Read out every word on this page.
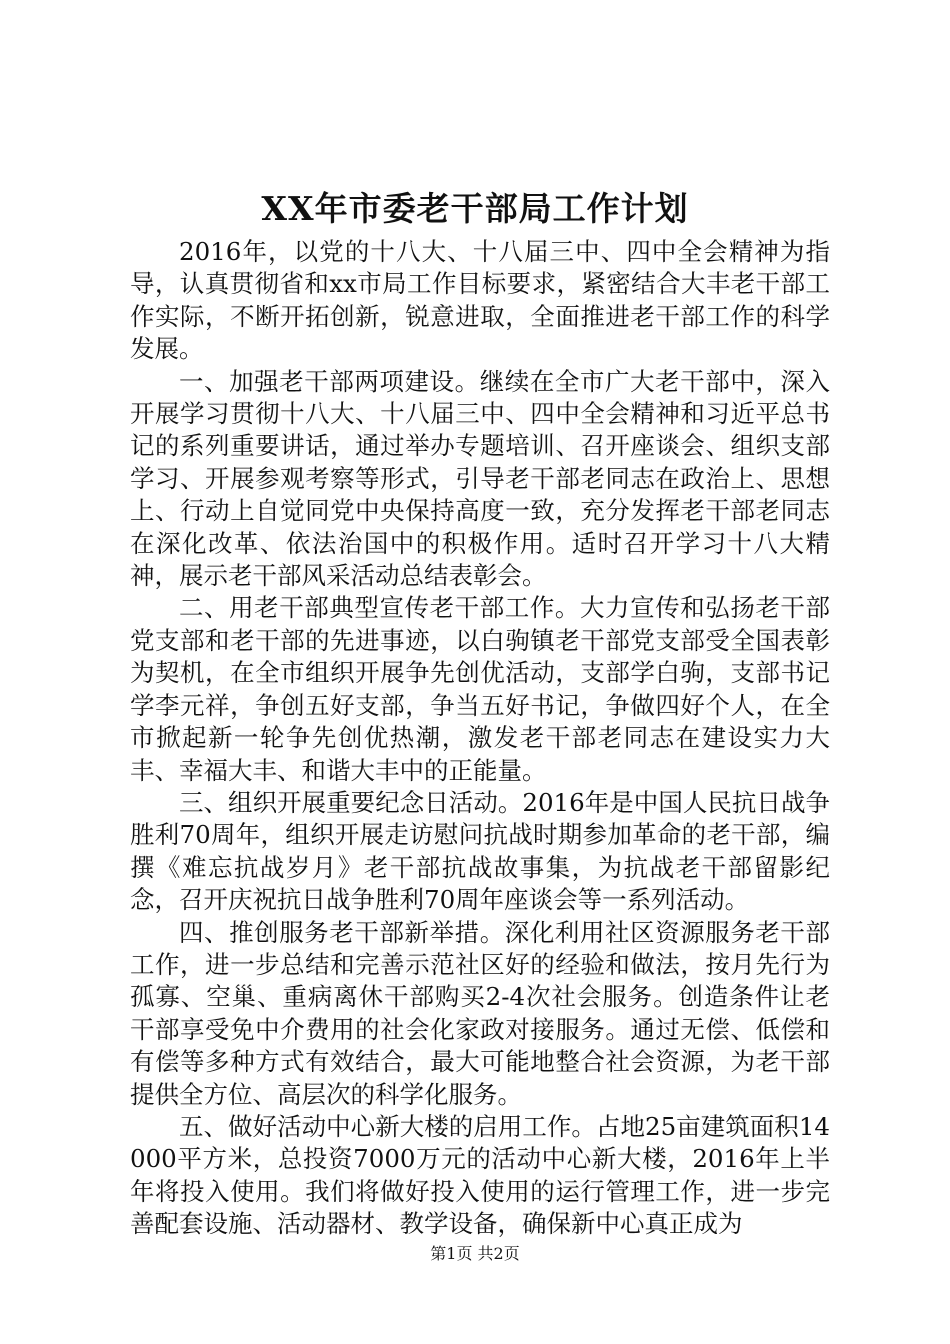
XX年市委老干部局工作计划

2016年，以党的十八大、十八届三中、四中全会精神为指导，认真贯彻省和xx市局工作目标要求，紧密结合大丰老干部工作实际，不断开拓创新，锐意进取，全面推进老干部工作的科学发展。

一、加强老干部两项建设。继续在全市广大老干部中，深入开展学习贯彻十八大、十八届三中、四中全会精神和习近平总书记的系列重要讲话，通过举办专题培训、召开座谈会、组织支部学习、开展参观考察等形式，引导老干部老同志在政治上、思想上、行动上自觉同党中央保持高度一致，充分发挥老干部老同志在深化改革、依法治国中的积极作用。适时召开学习十八大精神，展示老干部风采活动总结表彰会。

二、用老干部典型宣传老干部工作。大力宣传和弘扬老干部党支部和老干部的先进事迹，以白驹镇老干部党支部受全国表彰为契机，在全市组织开展争先创优活动，支部学白驹，支部书记学李元祥，争创五好支部，争当五好书记，争做四好个人，在全市掀起新一轮争先创优热潮，激发老干部老同志在建设实力大丰、幸福大丰、和谐大丰中的正能量。

三、组织开展重要纪念日活动。2016年是中国人民抗日战争胜利70周年，组织开展走访慰问抗战时期参加革命的老干部，编撰《难忘抗战岁月》老干部抗战故事集，为抗战老干部留影纪念，召开庆祝抗日战争胜利70周年座谈会等一系列活动。

四、推创服务老干部新举措。深化利用社区资源服务老干部工作，进一步总结和完善示范社区好的经验和做法，按月先行为孤寡、空巢、重病离休干部购买2-4次社会服务。创造条件让老干部享受免中介费用的社会化家政对接服务。通过无偿、低偿和有偿等多种方式有效结合，最大可能地整合社会资源，为老干部提供全方位、高层次的科学化服务。

五、做好活动中心新大楼的启用工作。占地25亩建筑面积14000平方米，总投资7000万元的活动中心新大楼，2016年上半年将投入使用。我们将做好投入使用的运行管理工作，进一步完善配套设施、活动器材、教学设备，确保新中心真正成为

第1页 共2页
